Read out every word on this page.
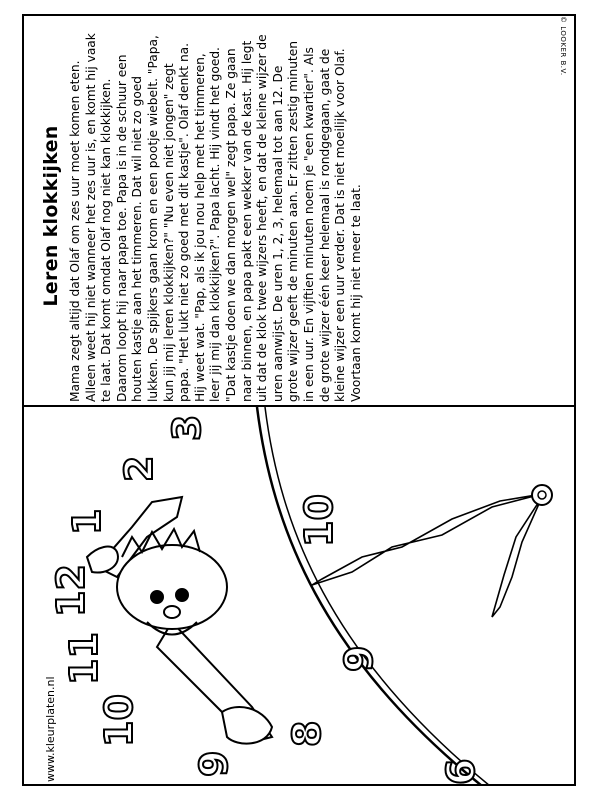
© LOOKER B.V.
Leren klokkijken Mama zegt altijd dat Olaf om zes uur moet komen eten. Alleen weet hij niet wanneer het zes uur is, en komt hij vaak te laat. Dat komt omdat Olaf nog niet kan klokkijken. Daarom loopt hij naar papa toe. Papa is in de schuur een houten kastje aan het timmeren. Dat wil niet zo goed lukken. De spijkers gaan krom en een pootje wiebelt. "Papa, kun jij mij leren klokkijken?" "Nu even niet jongen" zegt papa. "Het lukt niet zo goed met dit kastje". Olaf denkt na. Hij weet wat. "Pap, als ik jou nou help met het timmeren, leer jij mij dan klokkijken?". Papa lacht. Hij vindt het goed. "Dat kastje doen we dan morgen wel" zegt papa. Ze gaan naar binnen, en papa pakt een wekker van de kast. Hij legt uit dat de klok twee wijzers heeft, en dat de kleine wijzer de uren aanwijst. De uren 1, 2, 3, helemaal tot aan 12. De grote wijzer geeft de minuten aan. Er zitten zestig minuten in een uur. En vijftien minuten noem je "een kwartier". Als de grote wijzer één keer helemaal is rondgegaan, gaat de kleine wijzer een uur verder. Dat is niet moeilijk voor Olaf. Voortaan komt hij niet meer te laat.

3
2
1
12
11
10
9
10
9
8
6
www.kleurplaten.nl
